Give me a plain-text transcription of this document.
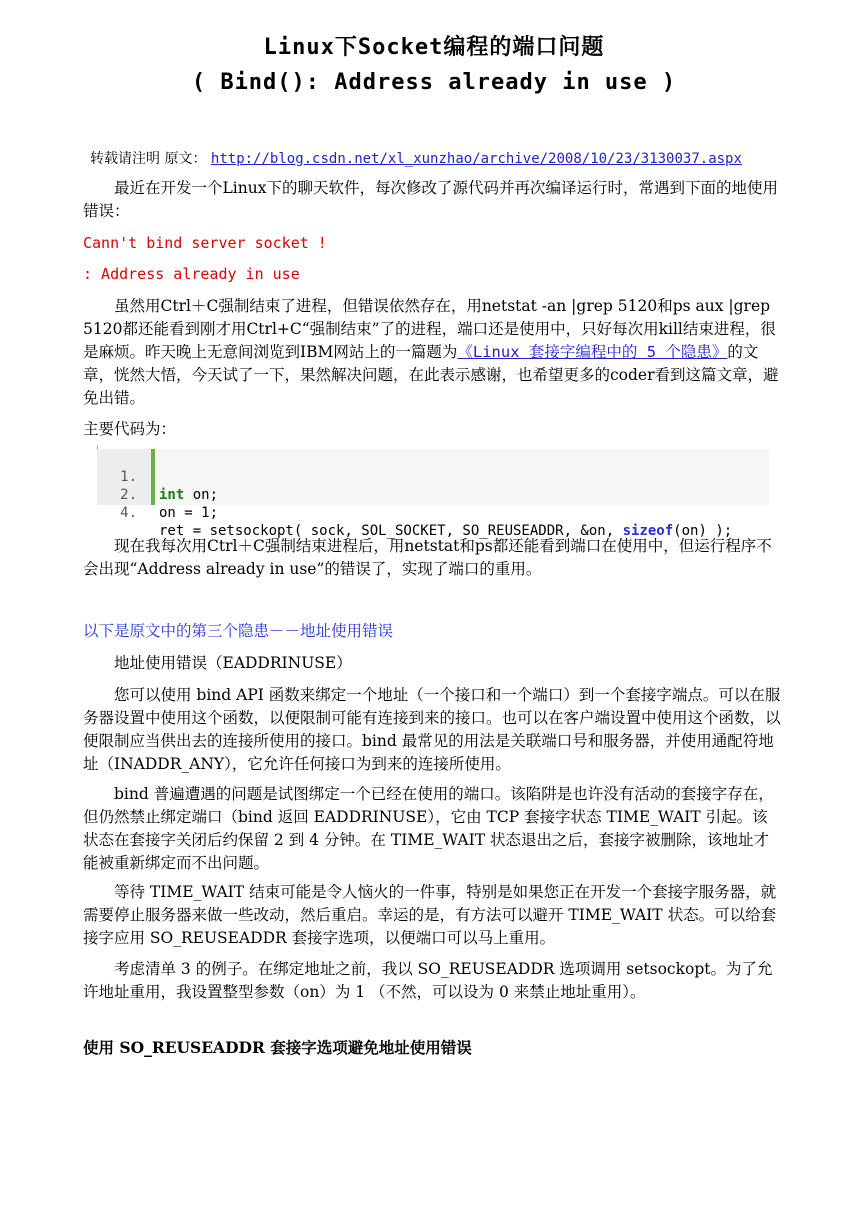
Linux下Socket编程的端口问题
( Bind(): Address already in use )
转载请注明 原文： http://blog.csdn.net/xl_xunzhao/archive/2008/10/23/3130037.aspx

最近在开发一个Linux下的聊天软件，每次修改了源代码并再次编译运行时，常遇到下面的地使用错误：

Cann't bind server socket !

: Address already in use

虽然用Ctrl＋C强制结束了进程，但错误依然存在，用netstat -an |grep 5120和ps aux |grep 5120都还能看到刚才用Ctrl+C“强制结束”了的进程，端口还是使用中，只好每次用kill结束进程，很是麻烦。昨天晚上无意间浏览到IBM网站上的一篇题为《Linux 套接字编程中的 5 个隐患》的文章，恍然大悟，今天试了一下，果然解决问题，在此表示感谢，也希望更多的coder看到这篇文章，避免出错。

主要代码为：

1.

int on;

2.

on = 1;

4.

ret = setsockopt( sock, SOL_SOCKET, SO_REUSEADDR, &on, sizeof(on) );

现在我每次用Ctrl＋C强制结束进程后，用netstat和ps都还能看到端口在使用中，但运行程序不会出现“Address already in use”的错误了，实现了端口的重用。

以下是原文中的第三个隐患－－地址使用错误

地址使用错误（EADDRINUSE）

您可以使用 bind API 函数来绑定一个地址（一个接口和一个端口）到一个套接字端点。可以在服务器设置中使用这个函数，以便限制可能有连接到来的接口。也可以在客户端设置中使用这个函数，以便限制应当供出去的连接所使用的接口。bind 最常见的用法是关联端口号和服务器，并使用通配符地址（INADDR_ANY），它允许任何接口为到来的连接所使用。

bind 普遍遭遇的问题是试图绑定一个已经在使用的端口。该陷阱是也许没有活动的套接字存在，但仍然禁止绑定端口（bind 返回 EADDRINUSE），它由 TCP 套接字状态 TIME_WAIT 引起。该状态在套接字关闭后约保留 2 到 4 分钟。在 TIME_WAIT 状态退出之后，套接字被删除，该地址才能被重新绑定而不出问题。

等待 TIME_WAIT 结束可能是令人恼火的一件事，特别是如果您正在开发一个套接字服务器，就需要停止服务器来做一些改动，然后重启。幸运的是，有方法可以避开 TIME_WAIT 状态。可以给套接字应用 SO_REUSEADDR 套接字选项，以便端口可以马上重用。

考虑清单 3 的例子。在绑定地址之前，我以 SO_REUSEADDR 选项调用 setsockopt。为了允许地址重用，我设置整型参数（on）为 1 （不然，可以设为 0 来禁止地址重用）。

使用 SO_REUSEADDR 套接字选项避免地址使用错误
